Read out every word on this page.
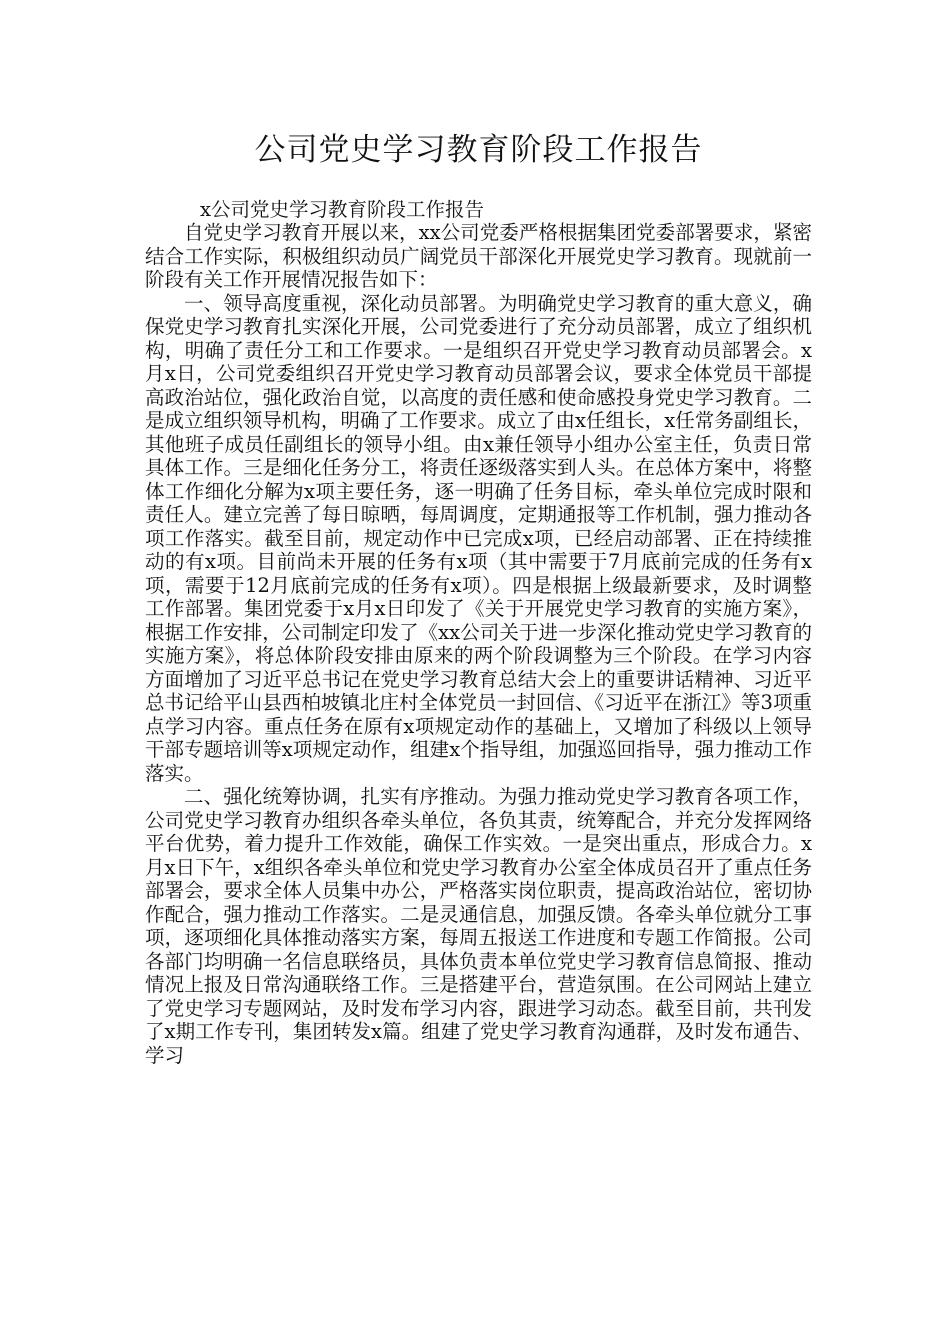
公司党史学习教育阶段工作报告

x公司党史学习教育阶段工作报告

自党史学习教育开展以来，xx公司党委严格根据集团党委部署要求，紧密结合工作实际，积极组织动员广阔党员干部深化开展党史学习教育。现就前一阶段有关工作开展情况报告如下：

一、领导高度重视，深化动员部署。为明确党史学习教育的重大意义，确保党史学习教育扎实深化开展，公司党委进行了充分动员部署，成立了组织机构，明确了责任分工和工作要求。一是组织召开党史学习教育动员部署会。x月x日，公司党委组织召开党史学习教育动员部署会议，要求全体党员干部提高政治站位，强化政治自觉，以高度的责任感和使命感投身党史学习教育。二是成立组织领导机构，明确了工作要求。成立了由x任组长，x任常务副组长，其他班子成员任副组长的领导小组。由x兼任领导小组办公室主任，负责日常具体工作。三是细化任务分工，将责任逐级落实到人头。在总体方案中，将整体工作细化分解为x项主要任务，逐一明确了任务目标，牵头单位完成时限和责任人。建立完善了每日晾晒，每周调度，定期通报等工作机制，强力推动各项工作落实。截至目前，规定动作中已完成x项，已经启动部署、正在持续推动的有x项。目前尚未开展的任务有x项（其中需要于7月底前完成的任务有x项，需要于12月底前完成的任务有x项）。四是根据上级最新要求，及时调整工作部署。集团党委于x月x日印发了《关于开展党史学习教育的实施方案》，根据工作安排，公司制定印发了《xx公司关于进一步深化推动党史学习教育的实施方案》，将总体阶段安排由原来的两个阶段调整为三个阶段。在学习内容方面增加了习近平总书记在党史学习教育总结大会上的重要讲话精神、习近平总书记给平山县西柏坡镇北庄村全体党员一封回信、《习近平在浙江》等3项重点学习内容。重点任务在原有x项规定动作的基础上，又增加了科级以上领导干部专题培训等x项规定动作，组建x个指导组，加强巡回指导，强力推动工作落实。

二、强化统筹协调，扎实有序推动。为强力推动党史学习教育各项工作，公司党史学习教育办组织各牵头单位，各负其责，统筹配合，并充分发挥网络平台优势，着力提升工作效能，确保工作实效。一是突出重点，形成合力。x月x日下午，x组织各牵头单位和党史学习教育办公室全体成员召开了重点任务部署会，要求全体人员集中办公，严格落实岗位职责，提高政治站位，密切协作配合，强力推动工作落实。二是灵通信息，加强反馈。各牵头单位就分工事项，逐项细化具体推动落实方案，每周五报送工作进度和专题工作简报。公司各部门均明确一名信息联络员，具体负责本单位党史学习教育信息简报、推动情况上报及日常沟通联络工作。三是搭建平台，营造氛围。在公司网站上建立了党史学习专题网站，及时发布学习内容，跟进学习动态。截至目前，共刊发了x期工作专刊，集团转发x篇。组建了党史学习教育沟通群，及时发布通告、学习
